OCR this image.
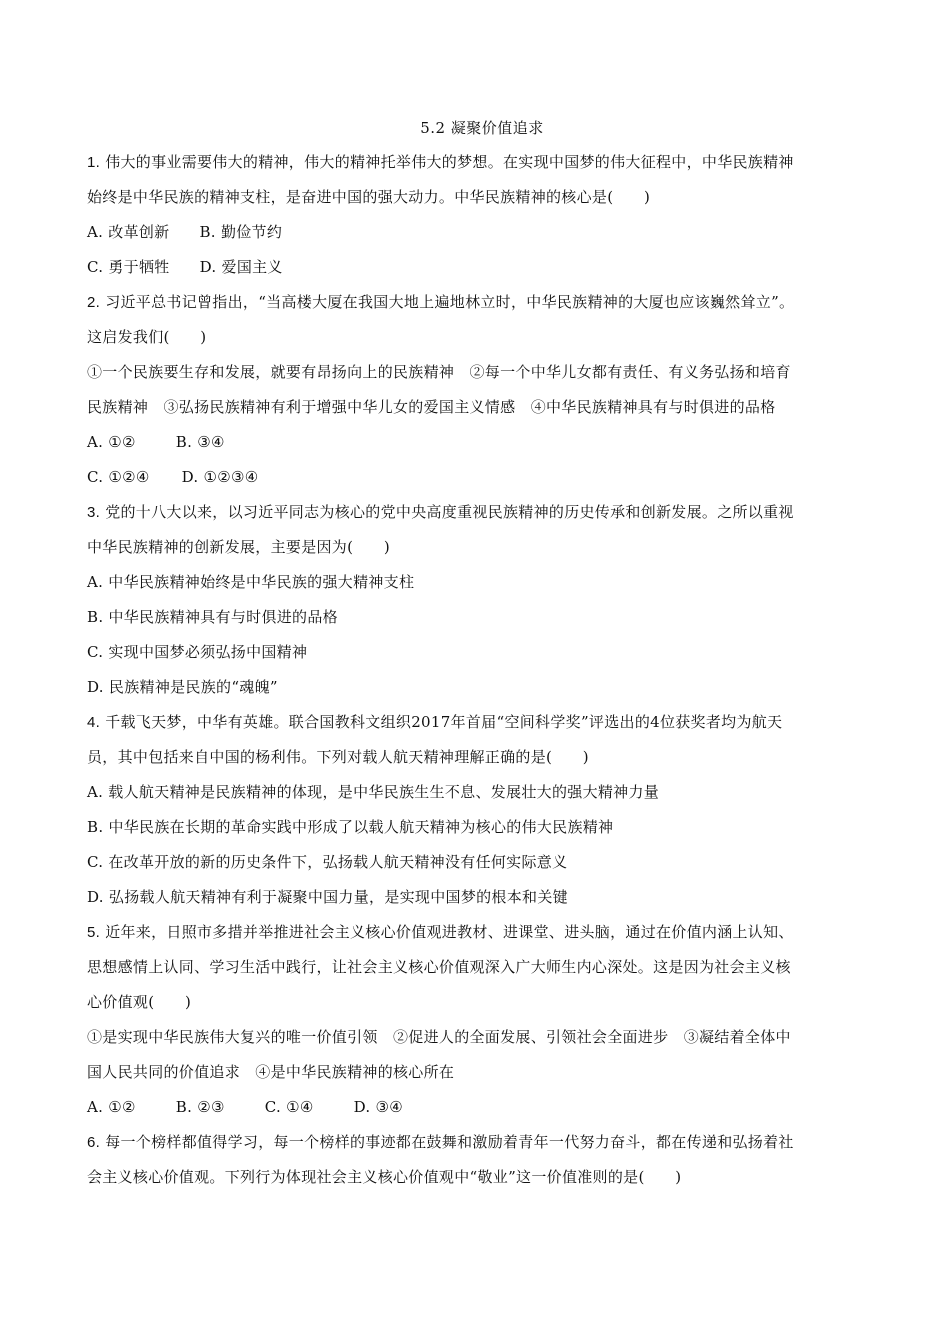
5.2 凝聚价值追求
1. 伟大的事业需要伟大的精神，伟大的精神托举伟大的梦想。在实现中国梦的伟大征程中，中华民族精神
始终是中华民族的精神支柱，是奋进中国的强大动力。中华民族精神的核心是(　　)
A. 改革创新 B. 勤俭节约
C. 勇于牺牲 D. 爱国主义
2. 习近平总书记曾指出，“当高楼大厦在我国大地上遍地林立时，中华民族精神的大厦也应该巍然耸立”。
这启发我们(　　)
①一个民族要生存和发展，就要有昂扬向上的民族精神　②每一个中华儿女都有责任、有义务弘扬和培育
民族精神　③弘扬民族精神有利于增强中华儿女的爱国主义情感　④中华民族精神具有与时俱进的品格
A. ①②	B. ③④
C. ①②④ D. ①②③④
3. 党的十八大以来，以习近平同志为核心的党中央高度重视民族精神的历史传承和创新发展。之所以重视
中华民族精神的创新发展，主要是因为(　　)
A. 中华民族精神始终是中华民族的强大精神支柱
B. 中华民族精神具有与时俱进的品格
C. 实现中国梦必须弘扬中国精神
D. 民族精神是民族的“魂魄”
4. 千载飞天梦，中华有英雄。联合国教科文组织2017年首届“空间科学奖”评选出的4位获奖者均为航天
员，其中包括来自中国的杨利伟。下列对载人航天精神理解正确的是(　　)
A. 载人航天精神是民族精神的体现，是中华民族生生不息、发展壮大的强大精神力量
B. 中华民族在长期的革命实践中形成了以载人航天精神为核心的伟大民族精神
C. 在改革开放的新的历史条件下，弘扬载人航天精神没有任何实际意义
D. 弘扬载人航天精神有利于凝聚中国力量，是实现中国梦的根本和关键
5. 近年来，日照市多措并举推进社会主义核心价值观进教材、进课堂、进头脑，通过在价值内涵上认知、
思想感情上认同、学习生活中践行，让社会主义核心价值观深入广大师生内心深处。这是因为社会主义核
心价值观(　　)
①是实现中华民族伟大复兴的唯一价值引领　②促进人的全面发展、引领社会全面进步　③凝结着全体中
国人民共同的价值追求　④是中华民族精神的核心所在
A. ①②	B. ②③	C. ①④	D. ③④
6. 每一个榜样都值得学习，每一个榜样的事迹都在鼓舞和激励着青年一代努力奋斗，都在传递和弘扬着社
会主义核心价值观。下列行为体现社会主义核心价值观中“敬业”这一价值准则的是(　　)
